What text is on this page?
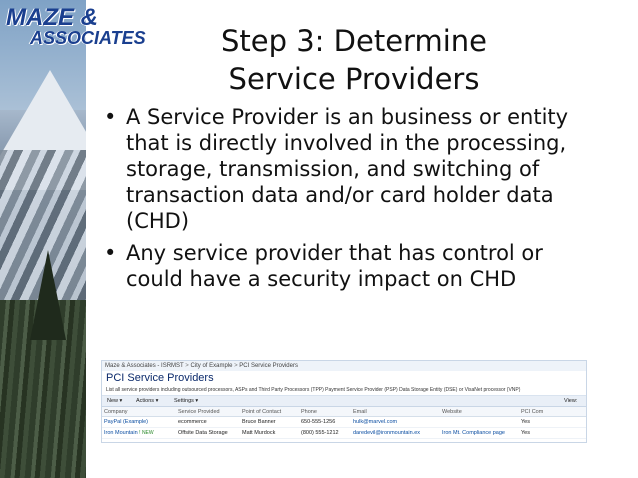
MAZE &
ASSOCIATES	Step 3: Determine Service Providers
• A Service Provider is an business or entity that is directly involved in the processing, storage, transmission, and switching of transaction data and/or card holder data (CHD)
• Any service provider that has control or could have a security impact on CHD
Maze & Associates - ISRMST > City of Example > PCI Service Providers
PCI Service Providers
List all service providers including outsourced processors, ASPs and Third Party Processors (TPP) Payment Service Provider (PSP) Data Storage Entity (DSE) or VisaNet processor (VNP)
New ▾ Actions ▾	Settings ▾	View:
Company	Service Provided	Point of Contact	Phone	Email	Website	PCI Com
PayPal (Example)	ecommerce	Bruce Banner	650-555-1256	hulk@marvel.com		Yes
Iron Mountain ! NEW	Offsite Data Storage	Matt Murdock	(800) 555-1212	daredevil@ironmountain.ex	Iron Mt. Compliance page	Yes
